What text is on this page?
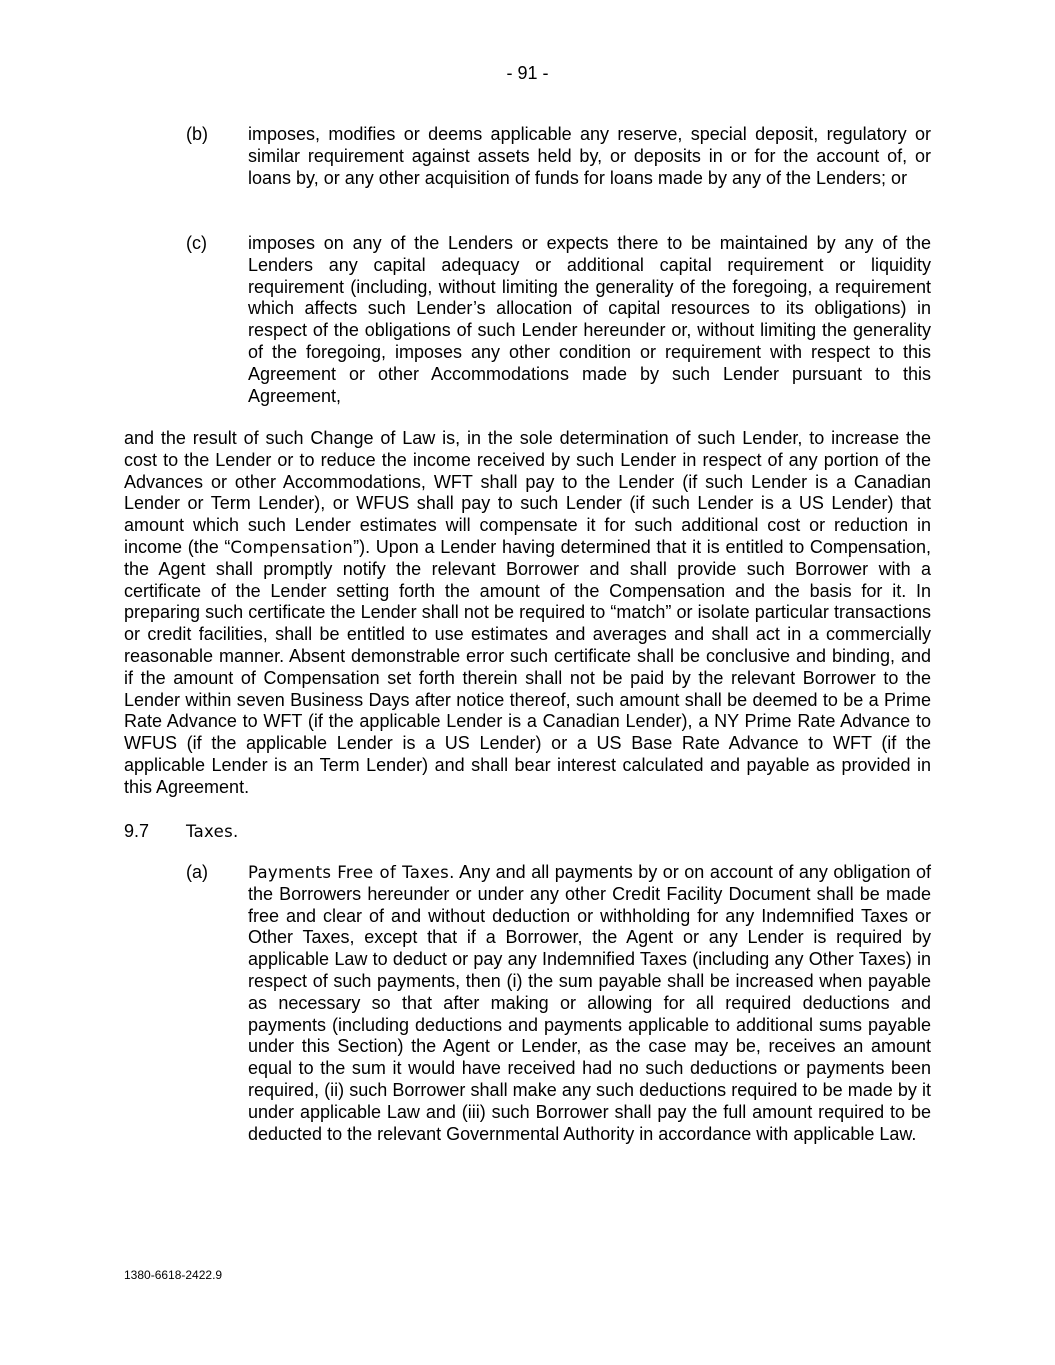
- 91 -
(b) imposes, modifies or deems applicable any reserve, special deposit, regulatory or similar requirement against assets held by, or deposits in or for the account of, or loans by, or any other acquisition of funds for loans made by any of the Lenders; or
(c) imposes on any of the Lenders or expects there to be maintained by any of the Lenders any capital adequacy or additional capital requirement or liquidity requirement (including, without limiting the generality of the foregoing, a requirement which affects such Lender’s allocation of capital resources to its obligations) in respect of the obligations of such Lender hereunder or, without limiting the generality of the foregoing, imposes any other condition or requirement with respect to this Agreement or other Accommodations made by such Lender pursuant to this Agreement,
and the result of such Change of Law is, in the sole determination of such Lender, to increase the cost to the Lender or to reduce the income received by such Lender in respect of any portion of the Advances or other Accommodations, WFT shall pay to the Lender (if such Lender is a Canadian Lender or Term Lender), or WFUS shall pay to such Lender (if such Lender is a US Lender) that amount which such Lender estimates will compensate it for such additional cost or reduction in income (the “Compensation”). Upon a Lender having determined that it is entitled to Compensation, the Agent shall promptly notify the relevant Borrower and shall provide such Borrower with a certificate of the Lender setting forth the amount of the Compensation and the basis for it. In preparing such certificate the Lender shall not be required to “match” or isolate particular transactions or credit facilities, shall be entitled to use estimates and averages and shall act in a commercially reasonable manner. Absent demonstrable error such certificate shall be conclusive and binding, and if the amount of Compensation set forth therein shall not be paid by the relevant Borrower to the Lender within seven Business Days after notice thereof, such amount shall be deemed to be a Prime Rate Advance to WFT (if the applicable Lender is a Canadian Lender), a NY Prime Rate Advance to WFUS (if the applicable Lender is a US Lender) or a US Base Rate Advance to WFT (if the applicable Lender is an Term Lender) and shall bear interest calculated and payable as provided in this Agreement.
9.7 Taxes.
(a) Payments Free of Taxes. Any and all payments by or on account of any obligation of the Borrowers hereunder or under any other Credit Facility Document shall be made free and clear of and without deduction or withholding for any Indemnified Taxes or Other Taxes, except that if a Borrower, the Agent or any Lender is required by applicable Law to deduct or pay any Indemnified Taxes (including any Other Taxes) in respect of such payments, then (i) the sum payable shall be increased when payable as necessary so that after making or allowing for all required deductions and payments (including deductions and payments applicable to additional sums payable under this Section) the Agent or Lender, as the case may be, receives an amount equal to the sum it would have received had no such deductions or payments been required, (ii) such Borrower shall make any such deductions required to be made by it under applicable Law and (iii) such Borrower shall pay the full amount required to be deducted to the relevant Governmental Authority in accordance with applicable Law.
1380-6618-2422.9
